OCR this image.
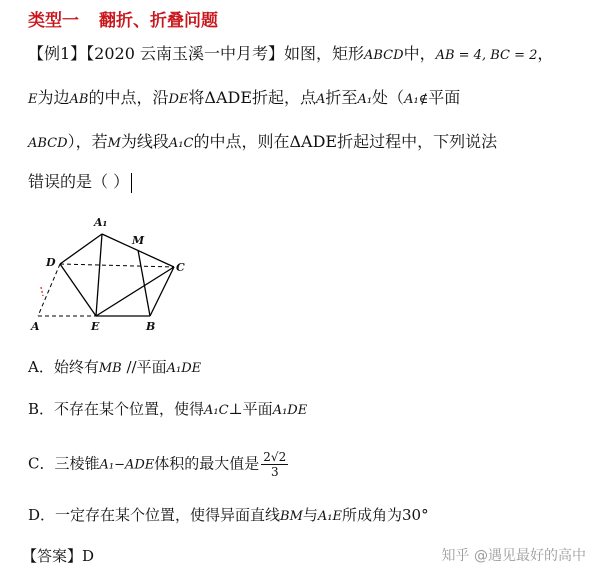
类型一 翻折、折叠问题
【例1】【2020 云南玉溪一中月考】如图，矩形ABCD中，AB = 4, BC = 2，
E为边AB的中点，沿DE将ΔADE折起，点A折至A₁处（A₁∉平面
ABCD），若M为线段A₁C的中点，则在ΔADE折起过程中，下列说法
错误的是（ ）
A₁
M
D	C
A	E	B
A．始终有MB //平面A₁DE
B．不存在某个位置，使得A₁C⊥平面A₁DE
C．三棱锥A₁−ADE体积的最大值是 $\frac{2√2}{3}$
D．一定存在某个位置，使得异面直线BM与A₁E所成角为30°
【答案】D	知乎 @遇见最好的高中
